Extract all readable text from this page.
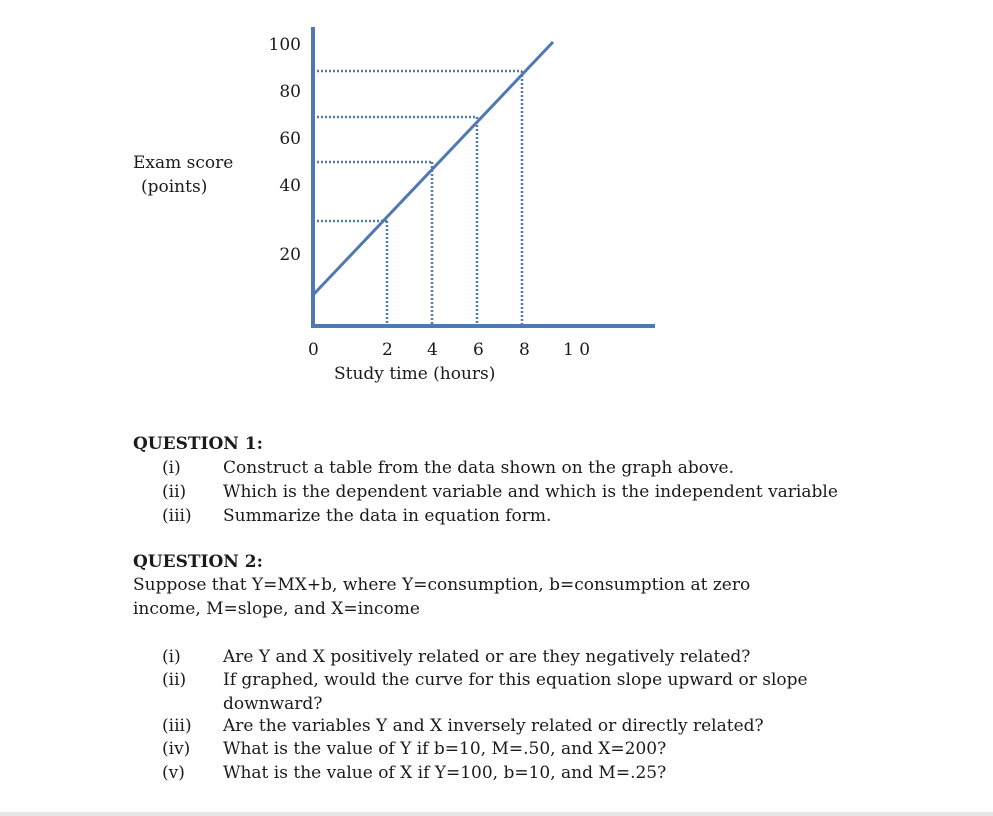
Exam score
(points)
100
80
60
40
20
0	2 4 6 8 1 0
Study time (hours)
QUESTION 1:
(i) Construct a table from the data shown on the graph above.
(ii) Which is the dependent variable and which is the independent variable
(iii) Summarize the data in equation form.
QUESTION 2:
Suppose that Y=MX+b, where Y=consumption, b=consumption at zero income, M=slope, and X=income
(i) Are Y and X positively related or are they negatively related?
(ii) If graphed, would the curve for this equation slope upward or slope downward?
(iii) Are the variables Y and X inversely related or directly related?
(iv) What is the value of Y if b=10, M=.50, and X=200?
(v) What is the value of X if Y=100, b=10, and M=.25?
